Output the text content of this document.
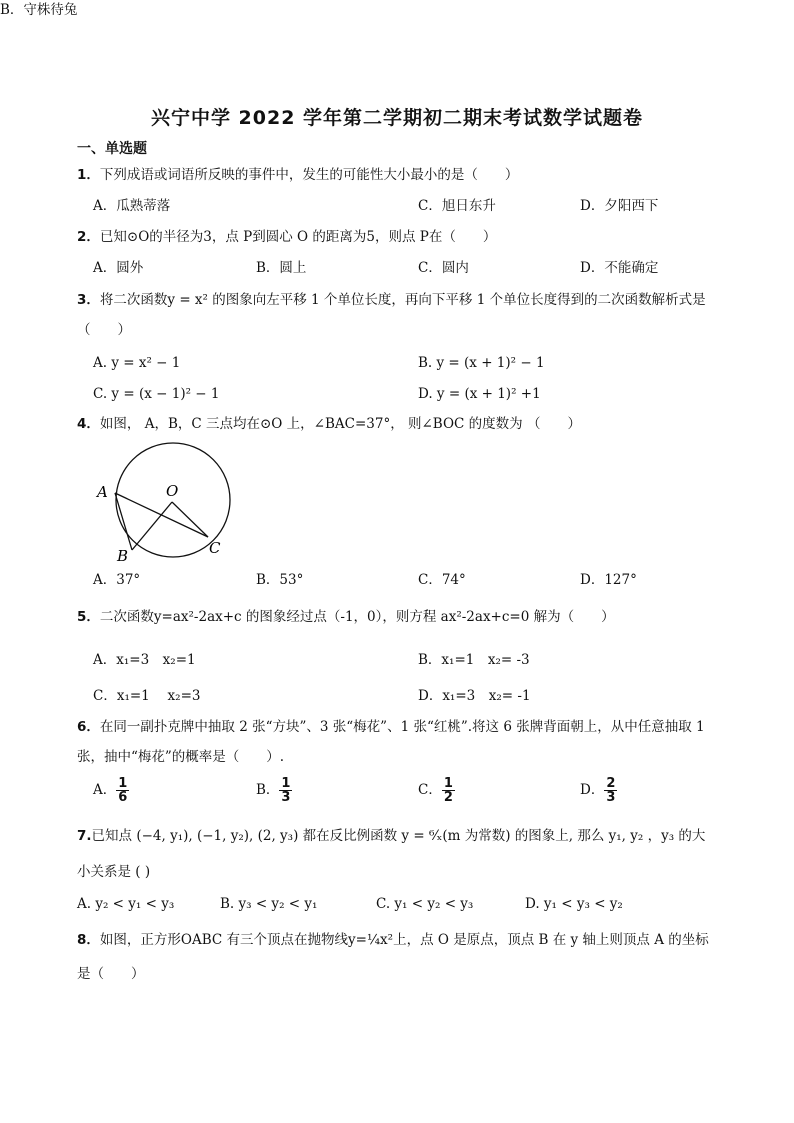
兴宁中学 2022 学年第二学期初二期末考试数学试题卷
一、单选题
1．下列成语或词语所反映的事件中，发生的可能性大小最小的是（　　）
A．瓜熟蒂落
B．守株待兔
C．旭日东升	D．夕阳西下
2．已知⊙O的半径为3，点 P到圆心 O 的距离为5，则点 P在（　　）
A．圆外	B．圆上	C．圆内	D．不能确定
3．将二次函数y = x² 的图象向左平移 1 个单位长度，再向下平移 1 个单位长度得到的二次函数解析式是
（　　）
A. y = x² − 1	B. y = (x + 1)² − 1
C. y = (x − 1)² − 1	D. y = (x + 1)² +1
4．如图， A，B，C 三点均在⊙O 上，∠BAC=37°， 则∠BOC 的度数为 （　　）
A	O
B	C
A．37°	B．53°	C．74°	D．127°
5．二次函数y=ax²-2ax+c 的图象经过点（-1，0），则方程 ax²-2ax+c=0 解为（　　）
A．x₁=3　x₂=1	B．x₁=1　x₂= -3
C．x₁=1　 x₂=3	D．x₁=3　x₂= -1
6．在同一副扑克牌中抽取 2 张“方块”、3 张“梅花”、1 张“红桃”.将这 6 张牌背面朝上，从中任意抽取 1
张，抽中“梅花”的概率是（　　）.
A． $\frac{1}{6}$	B． $\frac{1}{3}$	C． $\frac{1}{2}$	D． $\frac{2}{3}$
7.已知点 (−4, y₁), (−1, y₂), (2, y₃) 都在反比例函数 y = ⁶⁄ₓ(m 为常数) 的图象上, 那么 y₁, y₂ ，y₃ 的大
小关系是 ( )
A. y₂ < y₁ < y₃	B. y₃ < y₂ < y₁	C. y₁ < y₂ < y₃	D. y₁ < y₃ < y₂
8．如图，正方形OABC 有三个顶点在抛物线y=¼x²上，点 O 是原点，顶点 B 在 y 轴上则顶点 A 的坐标
是（　　）
